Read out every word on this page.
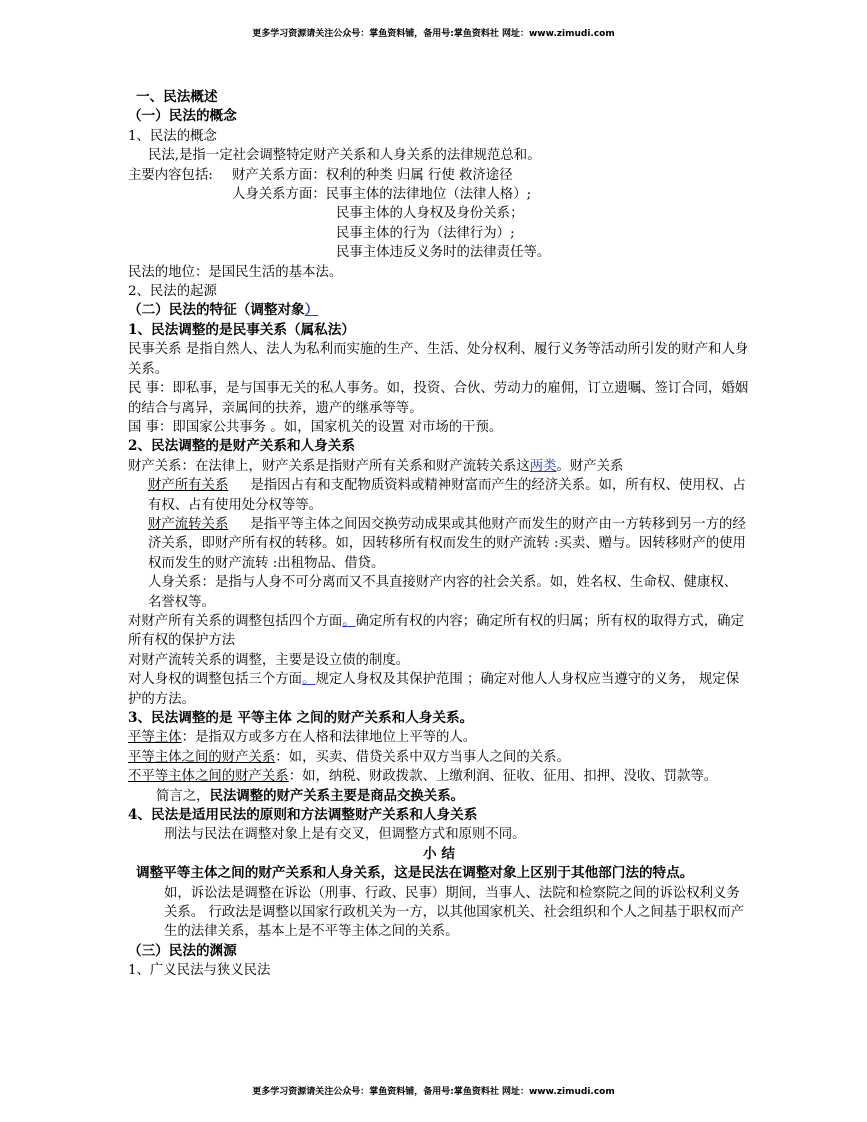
更多学习资源请关注公众号：掌鱼资料铺，备用号:掌鱼资料社 网址：www.zimudi.com
一、民法概述
（一）民法的概念
1、民法的概念
民法,是指一定社会调整特定财产关系和人身关系的法律规范总和。
主要内容包括:	财产关系方面：权利的种类 归属 行使 救济途径
人身关系方面： 民事主体的法律地位（法律人格）;
民事主体的人身权及身份关系；
民事主体的行为（法律行为）;
民事主体违反义务时的法律责任等。
民法的地位：是国民生活的基本法。
2、民法的起源
（二）民法的特征（调整对象）
1、民法调整的是民事关系（属私法）
民事关系 是指自然人、法人为私利而实施的生产、生活、处分权利、履行义务等活动所引发的财产和人身关系。
民 事：即私事，是与国事无关的私人事务。如，投资、合伙、劳动力的雇佣，订立遗嘱、签订合同，婚姻的结合与离异，亲属间的扶养，遗产的继承等等。
国 事：即国家公共事务 。如，国家机关的设置 对市场的干预。
2、民法调整的是财产关系和人身关系
财产关系：在法律上，财产关系是指财产所有关系和财产流转关系这两类。财产关系
财产所有关系 是指因占有和支配物质资料或精神财富而产生的经济关系。如，所有权、使用权、占有权、占有使用处分权等等。
财产流转关系 是指平等主体之间因交换劳动成果或其他财产而发生的财产由一方转移到另一方的经济关系，即财产所有权的转移。如，因转移所有权而发生的财产流转 :买卖、赠与。因转移财产的使用权而发生的财产流转 :出租物品、借贷。
人身关系：是指与人身不可分离而又不具直接财产内容的社会关系。如，姓名权、生命权、健康权、名誉权等。
对财产所有关系的调整包括四个方面。确定所有权的内容；确定所有权的归属；所有权的取得方式，确定所有权的保护方法
对财产流转关系的调整，主要是设立债的制度。
对人身权的调整包括三个方面。规定人身权及其保护范围 ；确定对他人人身权应当遵守的义务， 规定保护的方法。
3、民法调整的是 平等主体 之间的财产关系和人身关系。
平等主体：是指双方或多方在人格和法律地位上平等的人。
平等主体之间的财产关系：如，买卖、借贷关系中双方当事人之间的关系。
不平等主体之间的财产关系：如，纳税、财政拨款、上缴利润、征收、征用、扣押、没收、罚款等。
简言之，民法调整的财产关系主要是商品交换关系。
4、民法是适用民法的原则和方法调整财产关系和人身关系
刑法与民法在调整对象上是有交叉，但调整方式和原则不同。
小 结
调整平等主体之间的财产关系和人身关系，这是民法在调整对象上区别于其他部门法的特点。
如，诉讼法是调整在诉讼（刑事、行政、民事）期间，当事人、法院和检察院之间的诉讼权利义务关系。 行政法是调整以国家行政机关为一方，以其他国家机关、社会组织和个人之间基于职权而产生的法律关系，基本上是不平等主体之间的关系。
（三）民法的渊源
1、广义民法与狭义民法
更多学习资源请关注公众号：掌鱼资料铺，备用号:掌鱼资料社 网址：www.zimudi.com
